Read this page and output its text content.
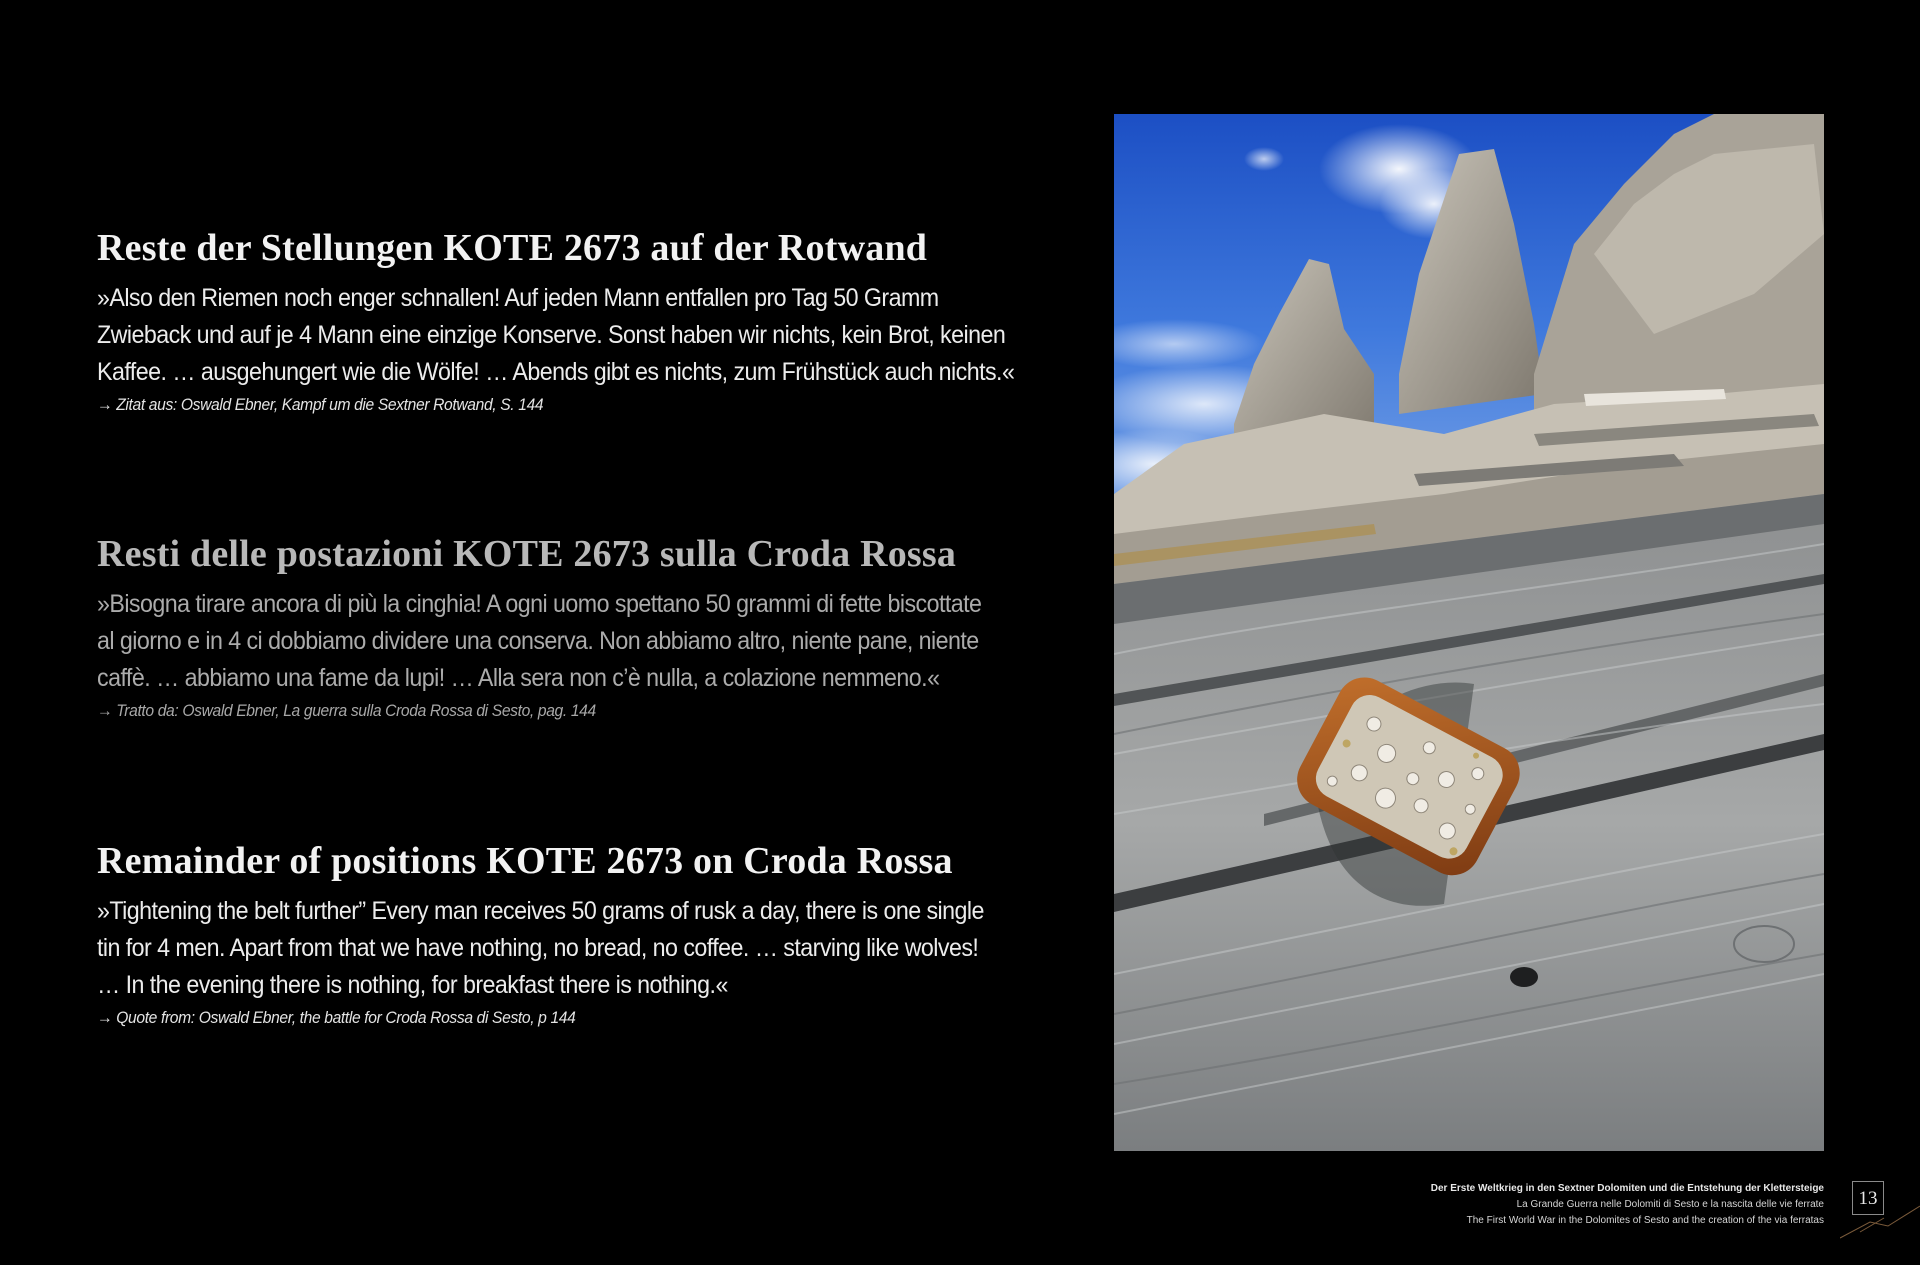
Reste der Stellungen KOTE 2673 auf der Rotwand
»Also den Riemen noch enger schnallen! Auf jeden Mann entfallen pro Tag 50 Gramm
Zwieback und auf je 4 Mann eine einzige Konserve. Sonst haben wir nichts, kein Brot, keinen
Kaffee. … ausgehungert wie die Wölfe! … Abends gibt es nichts, zum Frühstück auch nichts.«
→ Zitat aus: Oswald Ebner, Kampf um die Sextner Rotwand, S. 144
Resti delle postazioni KOTE 2673 sulla Croda Rossa
»Bisogna tirare ancora di più la cinghia! A ogni uomo spettano 50 grammi di fette biscottate
al giorno e in 4 ci dobbiamo dividere una conserva. Non abbiamo altro, niente pane, niente
caffè. … abbiamo una fame da lupi! … Alla sera non c’è nulla, a colazione nemmeno.«
→ Tratto da: Oswald Ebner, La guerra sulla Croda Rossa di Sesto, pag. 144
Remainder of positions KOTE 2673 on Croda Rossa
»Tightening the belt further” Every man receives 50 grams of rusk a day, there is one single
tin for 4 men. Apart from that we have nothing, no bread, no coffee. … starving like wolves!
… In the evening there is nothing, for breakfast there is nothing.«
→ Quote from: Oswald Ebner, the battle for Croda Rossa di Sesto, p 144
Der Erste Weltkrieg in den Sextner Dolomiten und die Entstehung der Klettersteige
La Grande Guerra nelle Dolomiti di Sesto e la nascita delle vie ferrate
The First World War in the Dolomites of Sesto and the creation of the via ferratas
13
